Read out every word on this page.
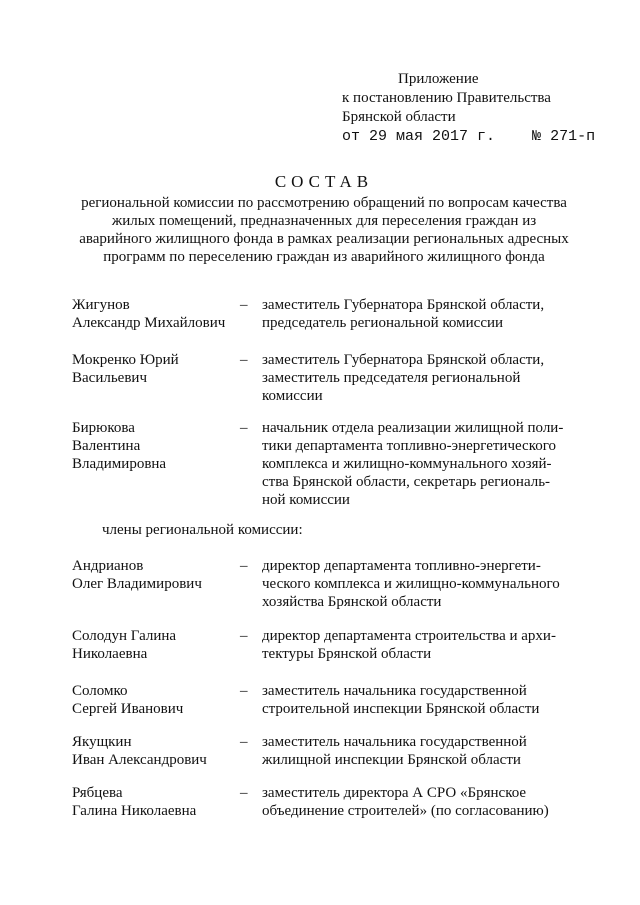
Приложение
к постановлению Правительства
Брянской области
от 29 мая 2017 г. № 271-п
СОСТАВ
региональной комиссии по рассмотрению обращений по вопросам качества
жилых помещений, предназначенных для переселения граждан из
аварийного жилищного фонда в рамках реализации региональных адресных
программ по переселению граждан из аварийного жилищного фонда
Жигунов
Александр Михайлович
– заместитель Губернатора Брянской области,
председатель региональной комиссии
Мокренко Юрий
Васильевич
– заместитель Губернатора Брянской области,
заместитель председателя региональной
комиссии
Бирюкова
Валентина
Владимировна
– начальник отдела реализации жилищной поли-
тики департамента топливно-энергетического
комплекса и жилищно-коммунального хозяй-
ства Брянской области, секретарь региональ-
ной комиссии
члены региональной комиссии:
Андрианов
Олег Владимирович
– директор департамента топливно-энергети-
ческого комплекса и жилищно-коммунального
хозяйства Брянской области
Солодун Галина
Николаевна
– директор департамента строительства и архи-
тектуры Брянской области
Соломко
Сергей Иванович
– заместитель начальника государственной
строительной инспекции Брянской области
Якущкин
Иван Александрович
– заместитель начальника государственной
жилищной инспекции Брянской области
Рябцева
Галина Николаевна
– заместитель директора А СРО «Брянское
объединение строителей» (по согласованию)
